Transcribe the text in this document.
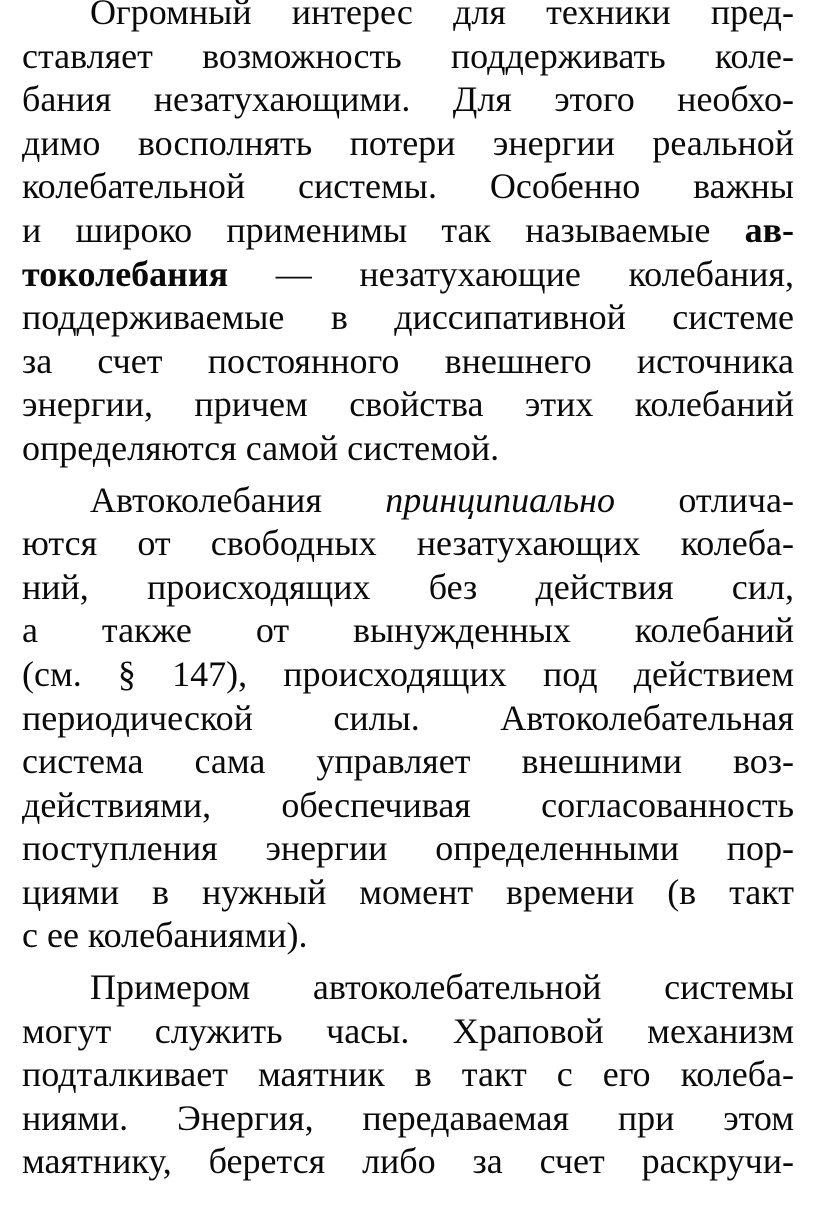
Огромный интерес для техники пред-
ставляет возможность поддерживать коле-
бания незатухающими. Для этого необхо-
димо восполнять потери энергии реальной
колебательной системы. Особенно важны
и широко применимы так называемые ав-
токолебания — незатухающие колебания,
поддерживаемые в диссипативной системе
за счет постоянного внешнего источника
энергии, причем свойства этих колебаний
определяются самой системой.
Автоколебания принципиально отлича-
ются от свободных незатухающих колеба-
ний, происходящих без действия сил,
а также от вынужденных колебаний
(см. § 147), происходящих под действием
периодической силы. Автоколебательная
система сама управляет внешними воз-
действиями, обеспечивая согласованность
поступления энергии определенными пор-
циями в нужный момент времени (в такт
с ее колебаниями).
Примером автоколебательной системы
могут служить часы. Храповой механизм
подталкивает маятник в такт с его колеба-
ниями. Энергия, передаваемая при этом
маятнику, берется либо за счет раскручи-
